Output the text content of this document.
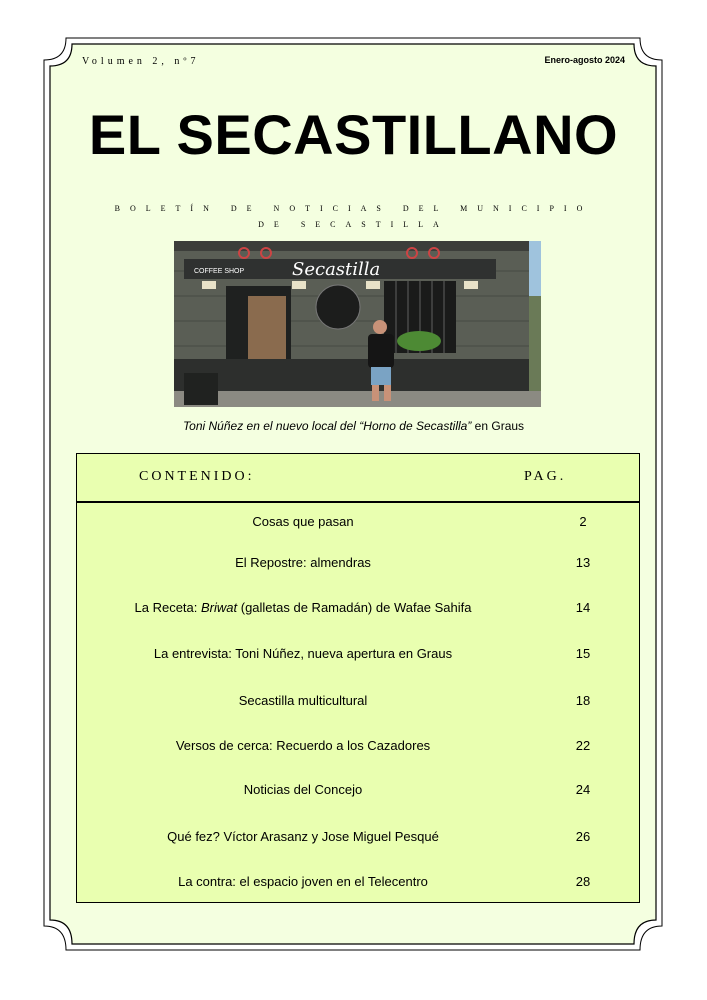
Volumen 2, nº7	Enero-agosto 2024
EL SECASTILLANO
BOLETÍN DE NOTICIAS DEL MUNICIPIO DE SECASTILLA
COFFEE SHOP	Secastilla
Toni Núñez en el nuevo local del “Horno de Secastilla” en Graus
CONTENIDO:	PAG.
Cosas que pasan	2
El Repostre: almendras	13
La Receta: Briwat (galletas de Ramadán) de Wafae Sahifa	14
La entrevista: Toni Núñez, nueva apertura en Graus	15
Secastilla multicultural	18
Versos de cerca: Recuerdo a los Cazadores	22
Noticias del Concejo	24
Qué fez? Víctor Arasanz y Jose Miguel Pesqué	26
La contra: el espacio joven en el Telecentro	28
